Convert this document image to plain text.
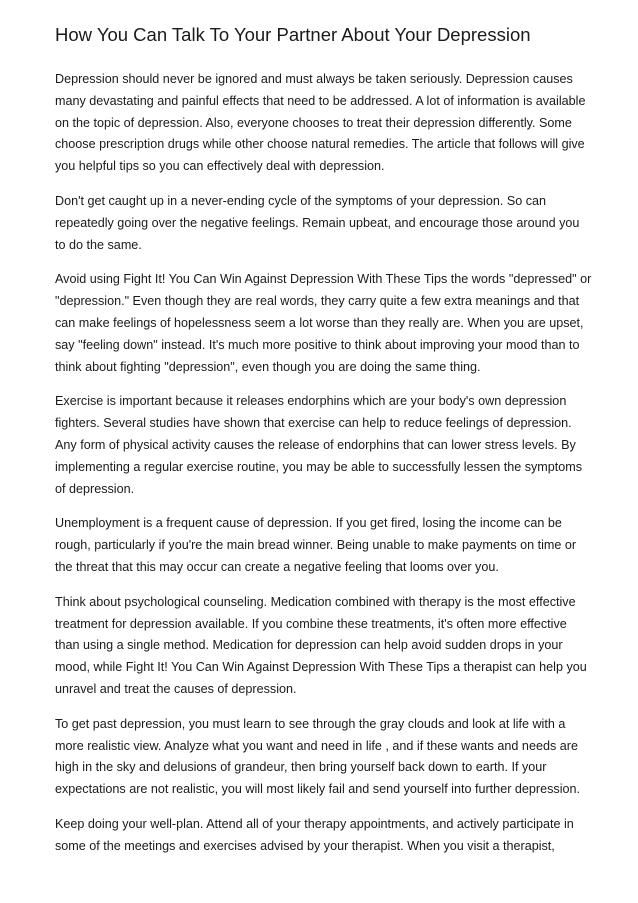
How You Can Talk To Your Partner About Your Depression

Depression should never be ignored and must always be taken seriously. Depression causes many devastating and painful effects that need to be addressed. A lot of information is available on the topic of depression. Also, everyone chooses to treat their depression differently. Some choose prescription drugs while other choose natural remedies. The article that follows will give you helpful tips so you can effectively deal with depression.

Don't get caught up in a never-ending cycle of the symptoms of your depression. So can repeatedly going over the negative feelings. Remain upbeat, and encourage those around you to do the same.

Avoid using Fight It! You Can Win Against Depression With These Tips the words "depressed" or "depression." Even though they are real words, they carry quite a few extra meanings and that can make feelings of hopelessness seem a lot worse than they really are. When you are upset, say "feeling down" instead. It's much more positive to think about improving your mood than to think about fighting "depression", even though you are doing the same thing.

Exercise is important because it releases endorphins which are your body's own depression fighters. Several studies have shown that exercise can help to reduce feelings of depression. Any form of physical activity causes the release of endorphins that can lower stress levels. By implementing a regular exercise routine, you may be able to successfully lessen the symptoms of depression.

Unemployment is a frequent cause of depression. If you get fired, losing the income can be rough, particularly if you're the main bread winner. Being unable to make payments on time or the threat that this may occur can create a negative feeling that looms over you.

Think about psychological counseling. Medication combined with therapy is the most effective treatment for depression available. If you combine these treatments, it's often more effective than using a single method. Medication for depression can help avoid sudden drops in your mood, while Fight It! You Can Win Against Depression With These Tips a therapist can help you unravel and treat the causes of depression.

To get past depression, you must learn to see through the gray clouds and look at life with a more realistic view. Analyze what you want and need in life , and if these wants and needs are high in the sky and delusions of grandeur, then bring yourself back down to earth. If your expectations are not realistic, you will most likely fail and send yourself into further depression.

Keep doing your well-plan. Attend all of your therapy appointments, and actively participate in some of the meetings and exercises advised by your therapist. When you visit a therapist,
